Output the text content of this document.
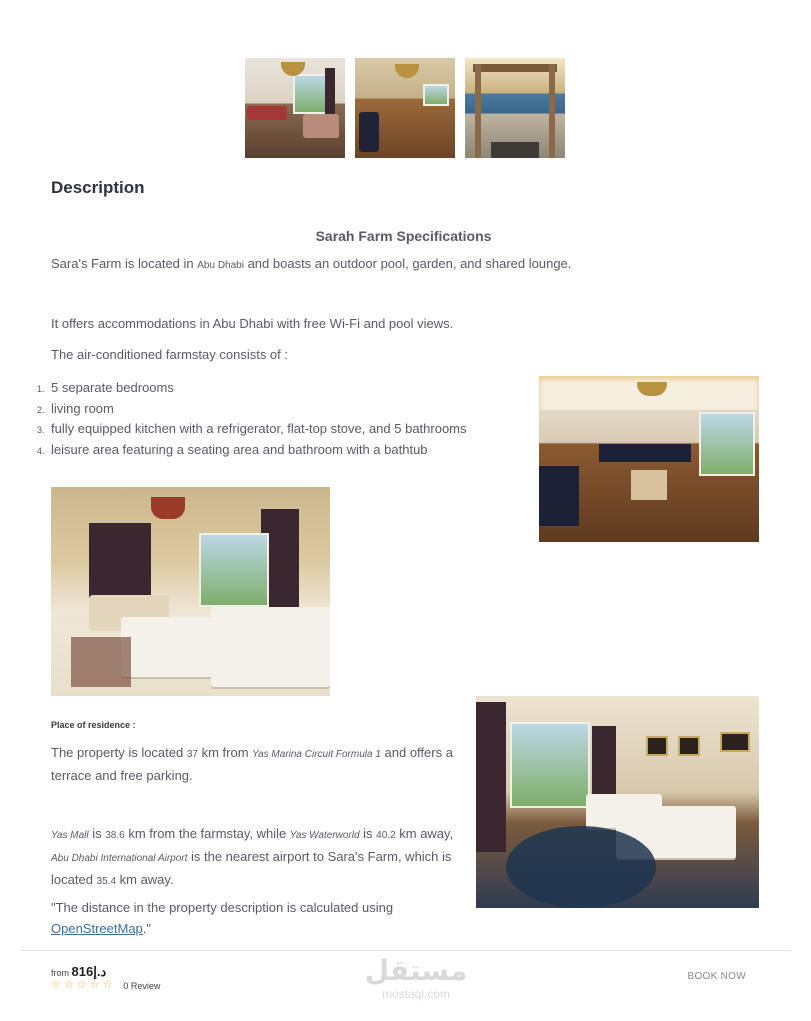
Description
Sarah Farm Specifications
Sara's Farm is located in Abu Dhabi and boasts an outdoor pool, garden, and shared lounge.
It offers accommodations in Abu Dhabi with free Wi-Fi and pool views.
The air-conditioned farmstay consists of :
1. 5 separate bedrooms
2. living room
3. fully equipped kitchen with a refrigerator, flat-top stove, and 5 bathrooms
4. leisure area featuring a seating area and bathroom with a bathtub
Place of residence :
The property is located 37 km from Yas Marina Circuit Formula 1 and offers a
terrace and free parking.
Yas Mall is 38.6 km from the farmstay, while Yas Waterworld is 40.2 km away,
Abu Dhabi International Airport is the nearest airport to Sara's Farm, which is
located 35.4 km away.
"The distance in the property description is calculated using
OpenStreetMap."
from 816د.إ
☆ ☆ ☆ ☆ ☆ 0 Review	مستقل
mostaql.com
BOOK NOW
